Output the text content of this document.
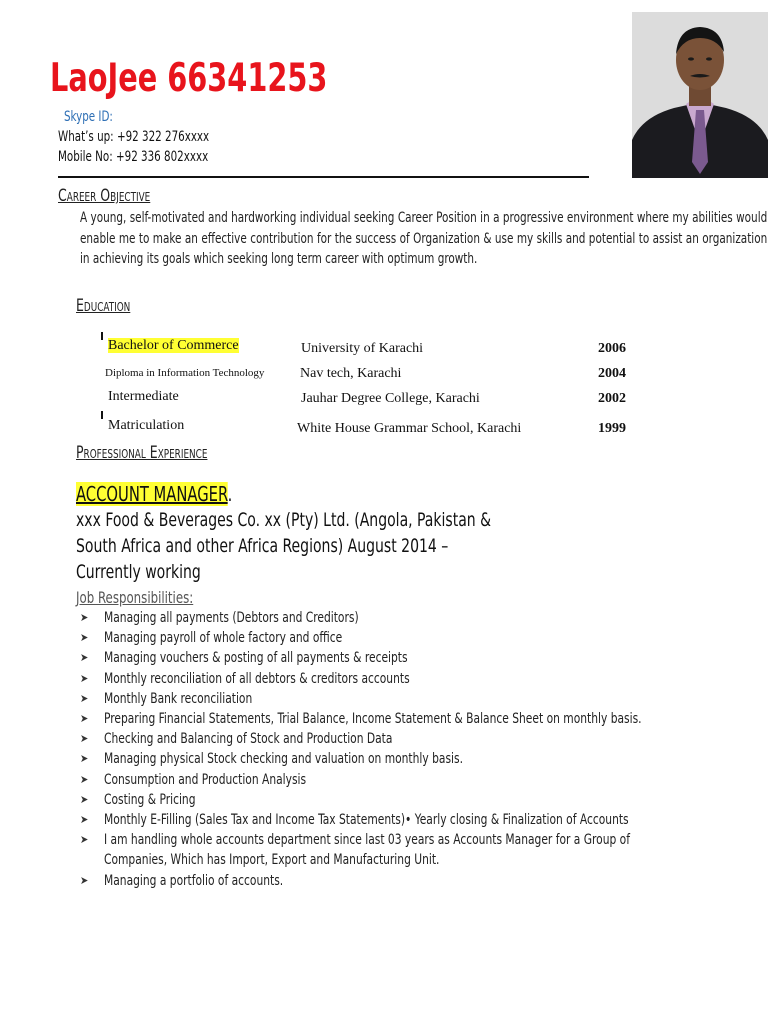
LaoJee 66341253
Skype ID:
What’s up: +92 322 276xxxx
Mobile No: +92 336 802xxxx
Career Objective
A young, self-motivated and hardworking individual seeking Career Position in a progressive environment where my abilities would enable me to make an effective contribution for the success of Organization & use my skills and potential to assist an organization in achieving its goals which seeking long term career with optimum growth.
Education
Bachelor of Commerce	University of Karachi	2006
Diploma in Information Technology	Nav tech, Karachi	2004
Intermediate	Jauhar Degree College, Karachi	2002
Matriculation	White House Grammar School, Karachi	1999
Professional Experience
ACCOUNT MANAGER.
xxx Food & Beverages Co. xx (Pty) Ltd. (Angola, Pakistan &
South Africa and other Africa Regions) August 2014 –
Currently working
Job Responsibilities:
➤ Managing all payments (Debtors and Creditors)
➤ Managing payroll of whole factory and office
➤ Managing vouchers & posting of all payments & receipts
➤ Monthly reconciliation of all debtors & creditors accounts
➤ Monthly Bank reconciliation
➤ Preparing Financial Statements, Trial Balance, Income Statement & Balance Sheet on monthly basis.
➤ Checking and Balancing of Stock and Production Data
➤ Managing physical Stock checking and valuation on monthly basis.
➤ Consumption and Production Analysis
➤ Costing & Pricing
➤ Monthly E-Filling (Sales Tax and Income Tax Statements)• Yearly closing & Finalization of Accounts
➤ I am handling whole accounts department since last 03 years as Accounts Manager for a Group of Companies, Which has Import, Export and Manufacturing Unit.
➤ Managing a portfolio of accounts.
